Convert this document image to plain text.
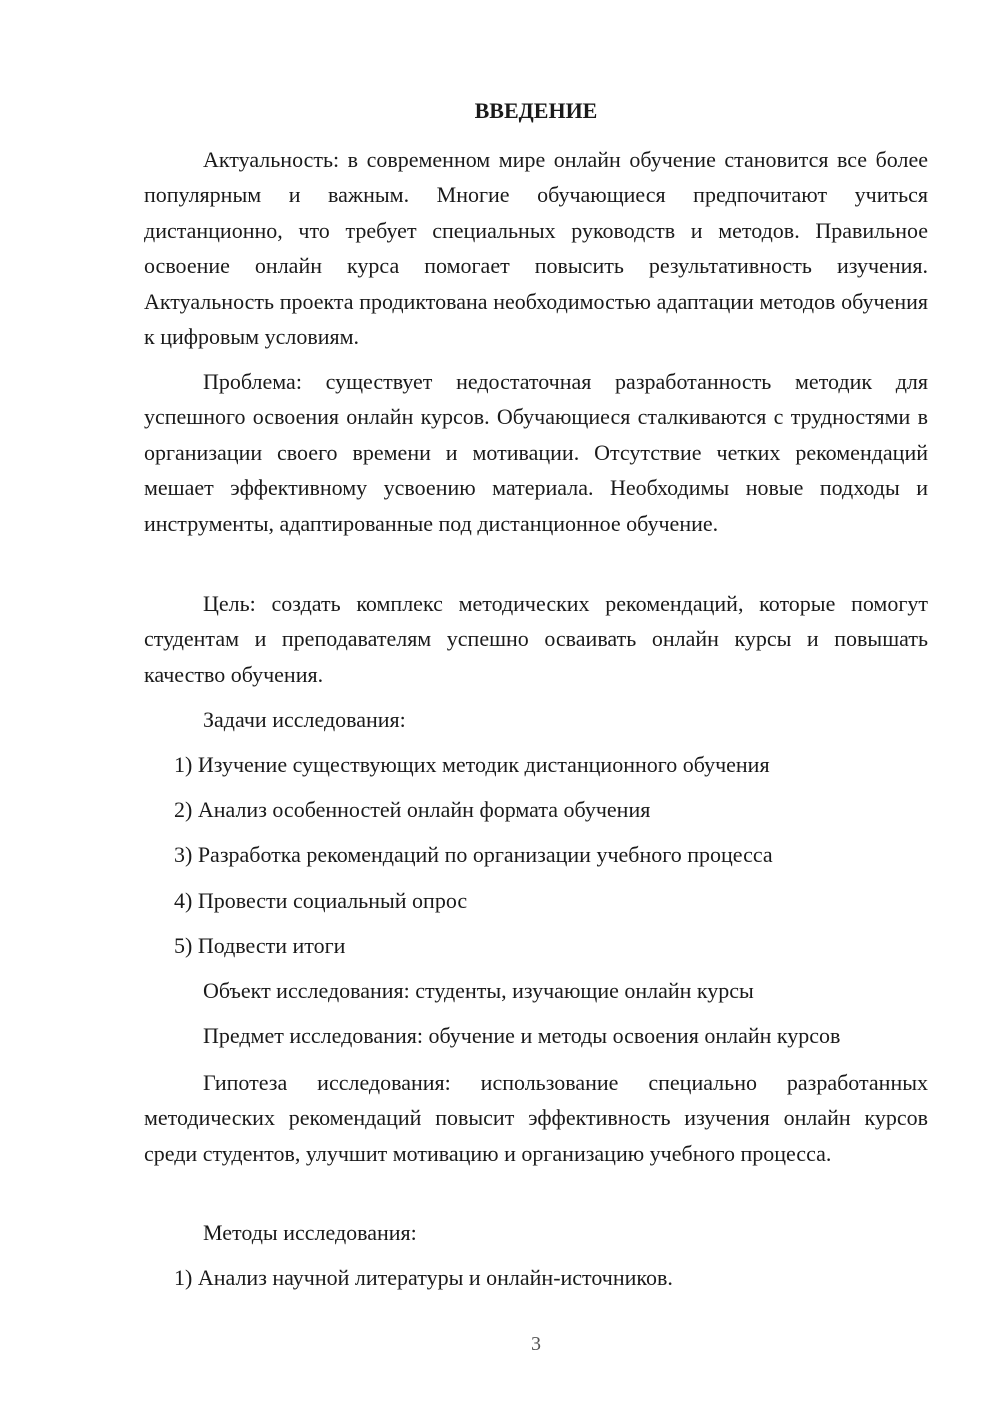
ВВЕДЕНИЕ

Актуальность: в современном мире онлайн обучение становится все более популярным и важным. Многие обучающиеся предпочитают учиться дистанционно, что требует специальных руководств и методов. Правильное освоение онлайн курса помогает повысить результативность изучения. Актуальность проекта продиктована необходимостью адаптации методов обучения к цифровым условиям.

Проблема: существует недостаточная разработанность методик для успешного освоения онлайн курсов. Обучающиеся сталкиваются с трудностями в организации своего времени и мотивации. Отсутствие четких рекомендаций мешает эффективному усвоению материала. Необходимы новые подходы и инструменты, адаптированные под дистанционное обучение.

Цель: создать комплекс методических рекомендаций, которые помогут студентам и преподавателям успешно осваивать онлайн курсы и повышать качество обучения.

Задачи исследования:

1) Изучение существующих методик дистанционного обучения

2) Анализ особенностей онлайн формата обучения

3) Разработка рекомендаций по организации учебного процесса

4) Провести социальный опрос

5) Подвести итоги

Объект исследования: студенты, изучающие онлайн курсы

Предмет исследования: обучение и методы освоения онлайн курсов

Гипотеза исследования: использование специально разработанных методических рекомендаций повысит эффективность изучения онлайн курсов среди студентов, улучшит мотивацию и организацию учебного процесса.

Методы исследования:

1) Анализ научной литературы и онлайн-источников.

3
